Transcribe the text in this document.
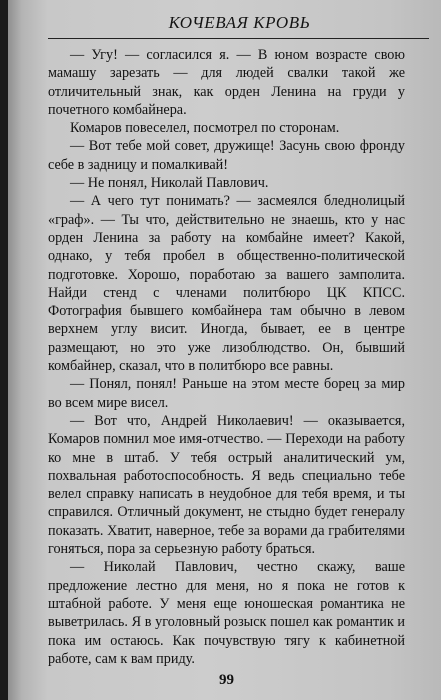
КОЧЕВАЯ КРОВЬ

— Угу! — согласился я. — В юном возрасте свою мамашу зарезать — для людей свалки такой же отличительный знак, как орден Ленина на груди у почетного комбайнера.

Комаров повеселел, посмотрел по сторонам.

— Вот тебе мой совет, дружище! Засунь свою фронду себе в задницу и помалкивай!

— Не понял, Николай Павлович.

— А чего тут понимать? — засмеялся бледнолицый «граф». — Ты что, действительно не знаешь, кто у нас орден Ленина за работу на комбайне имеет? Какой, однако, у тебя пробел в общественно-политической подготовке. Хорошо, поработаю за вашего замполита. Найди стенд с членами политбюро ЦК КПСС. Фотография бывшего комбайнера там обычно в левом верхнем углу висит. Иногда, бывает, ее в центре размещают, но это уже лизоблюдство. Он, бывший комбайнер, сказал, что в политбюро все равны.

— Понял, понял! Раньше на этом месте борец за мир во всем мире висел.

— Вот что, Андрей Николаевич! — оказывается, Комаров помнил мое имя-отчество. — Переходи на работу ко мне в штаб. У тебя острый аналитический ум, похвальная работоспособность. Я ведь специально тебе велел справку написать в неудобное для тебя время, и ты справился. Отличный документ, не стыдно будет генералу показать. Хватит, наверное, тебе за ворами да грабителями гоняться, пора за серьезную работу браться.

— Николай Павлович, честно скажу, ваше предложение лестно для меня, но я пока не готов к штабной работе. У меня еще юношеская романтика не выветрилась. Я в уголовный розыск пошел как романтик и пока им остаюсь. Как почувствую тягу к кабинетной работе, сам к вам приду.

99
